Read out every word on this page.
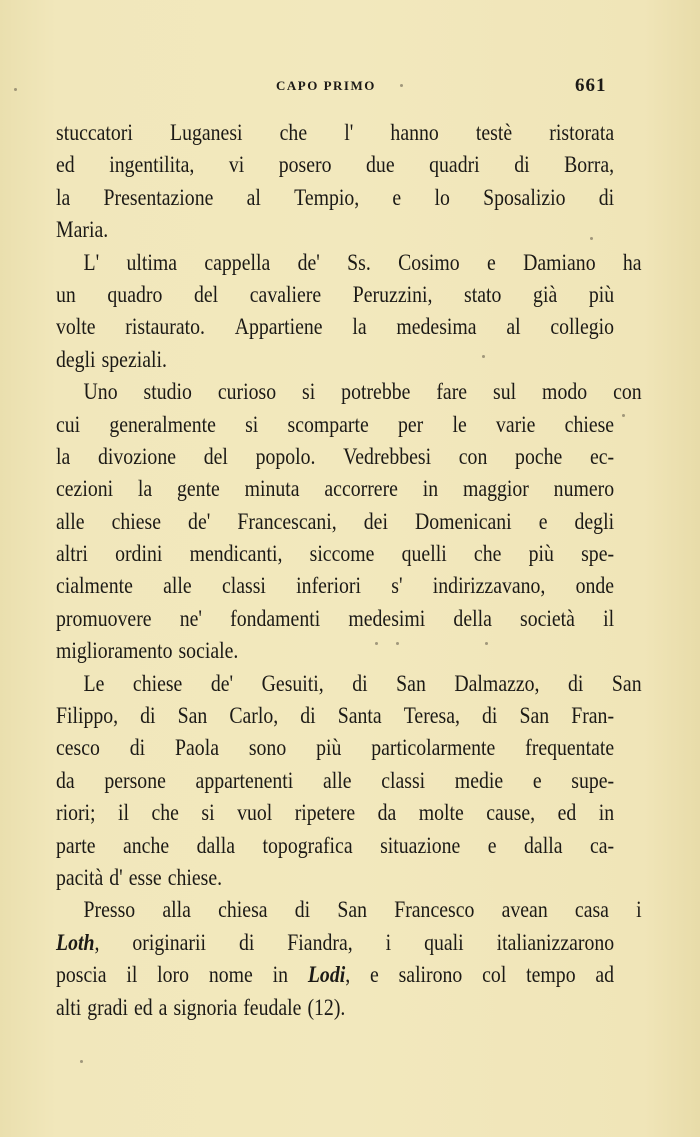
CAPO PRIMO	661
stuccatori Luganesi che l' hanno testè ristorata
ed ingentilita, vi posero due quadri di Borra,
la Presentazione al Tempio, e lo Sposalizio di
Maria.
L' ultima cappella de' Ss. Cosimo e Damiano ha
un quadro del cavaliere Peruzzini, stato già più
volte ristaurato. Appartiene la medesima al collegio
degli speziali.
Uno studio curioso si potrebbe fare sul modo con
cui generalmente si scomparte per le varie chiese
la divozione del popolo. Vedrebbesi con poche ec-
cezioni la gente minuta accorrere in maggior numero
alle chiese de' Francescani, dei Domenicani e degli
altri ordini mendicanti, siccome quelli che più spe-
cialmente alle classi inferiori s' indirizzavano, onde
promuovere ne' fondamenti medesimi della società il
miglioramento sociale.
Le chiese de' Gesuiti, di San Dalmazzo, di San
Filippo, di San Carlo, di Santa Teresa, di San Fran-
cesco di Paola sono più particolarmente frequentate
da persone appartenenti alle classi medie e supe-
riori; il che si vuol ripetere da molte cause, ed in
parte anche dalla topografica situazione e dalla ca-
pacità d' esse chiese.
Presso alla chiesa di San Francesco avean casa i
Loth, originarii di Fiandra, i quali italianizzarono
poscia il loro nome in Lodi, e salirono col tempo ad
alti gradi ed a signoria feudale (12).
